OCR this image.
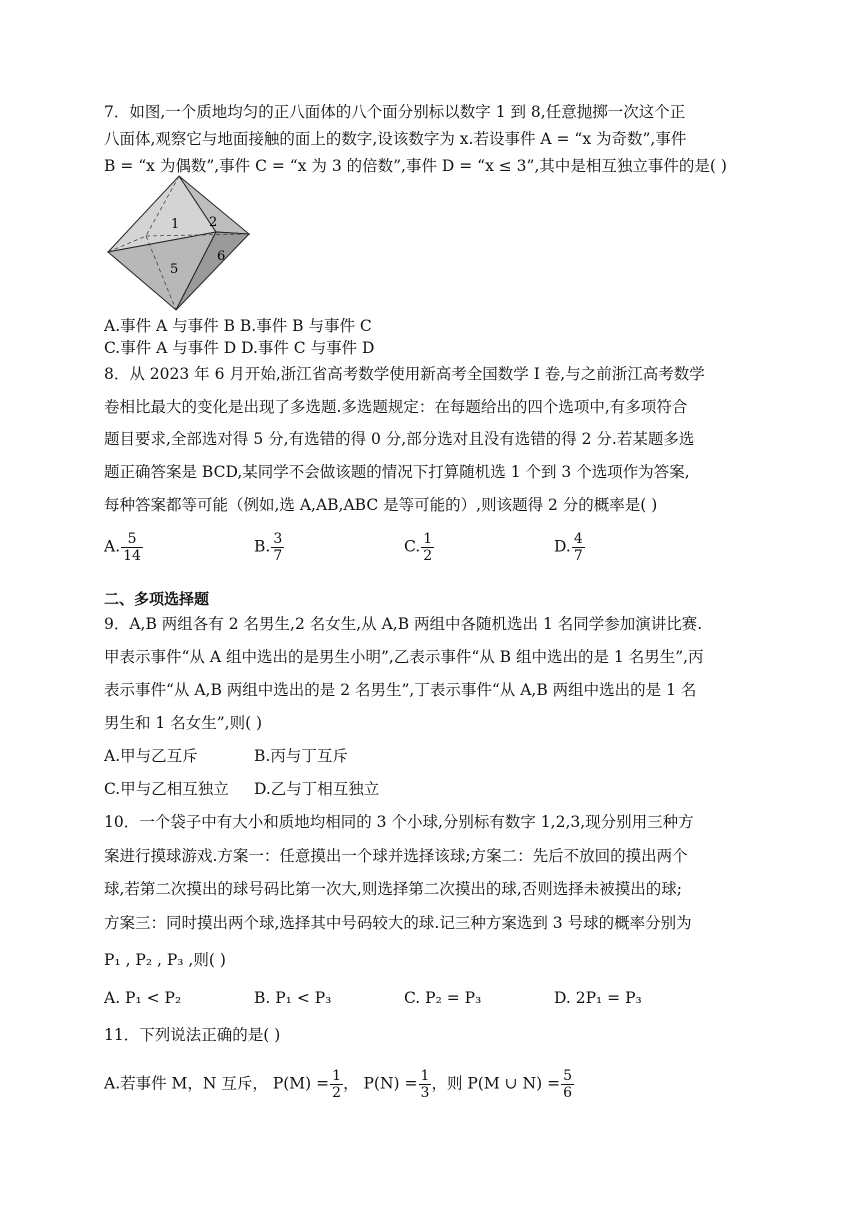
7．如图,一个质地均匀的正八面体的八个面分别标以数字 1 到 8,任意抛掷一次这个正
八面体,观察它与地面接触的面上的数字,设该数字为 x.若设事件 A = “x 为奇数”,事件
B = “x 为偶数”,事件 C = “x 为 3 的倍数”,事件 D = “x ≤ 3”,其中是相互独立事件的是( )
1 2
5
6
A.事件 A 与事件 B B.事件 B 与事件 C
C.事件 A 与事件 D D.事件 C 与事件 D
8．从 2023 年 6 月开始,浙江省高考数学使用新高考全国数学 I 卷,与之前浙江高考数学
卷相比最大的变化是出现了多选题.多选题规定：在每题给出的四个选项中,有多项符合
题目要求,全部选对得 5 分,有选错的得 0 分,部分选对且没有选错的得 2 分.若某题多选
题正确答案是 BCD,某同学不会做该题的情况下打算随机选 1 个到 3 个选项作为答案,
每种答案都等可能（例如,选 A,AB,ABC 是等可能的）,则该题得 2 分的概率是( )
A. $\frac{5}{14}$	B. $\frac{3}{7}$	C. $\frac{1}{2}$	D. $\frac{4}{7}$
二、多项选择题
9．A,B 两组各有 2 名男生,2 名女生,从 A,B 两组中各随机选出 1 名同学参加演讲比赛.
甲表示事件“从 A 组中选出的是男生小明”,乙表示事件“从 B 组中选出的是 1 名男生”,丙
表示事件“从 A,B 两组中选出的是 2 名男生”,丁表示事件“从 A,B 两组中选出的是 1 名
男生和 1 名女生”,则( )
A.甲与乙互斥	B.丙与丁互斥
C.甲与乙相互独立 D.乙与丁相互独立
10．一个袋子中有大小和质地均相同的 3 个小球,分别标有数字 1,2,3,现分别用三种方
案进行摸球游戏.方案一：任意摸出一个球并选择该球;方案二：先后不放回的摸出两个
球,若第二次摸出的球号码比第一次大,则选择第二次摸出的球,否则选择未被摸出的球;
方案三：同时摸出两个球,选择其中号码较大的球.记三种方案选到 3 号球的概率分别为
P₁ , P₂ , P₃ ,则( )
A. P₁ < P₂	B. P₁ < P₃	C. P₂ = P₃	D. 2P₁ = P₃
11．下列说法正确的是( )
A.若事件 M，N 互斥， $P(M) = \frac{1}{2}$ ， $P(N) = \frac{1}{3}$ ，则 P(M ∪ $N) = \frac{5}{6}$
